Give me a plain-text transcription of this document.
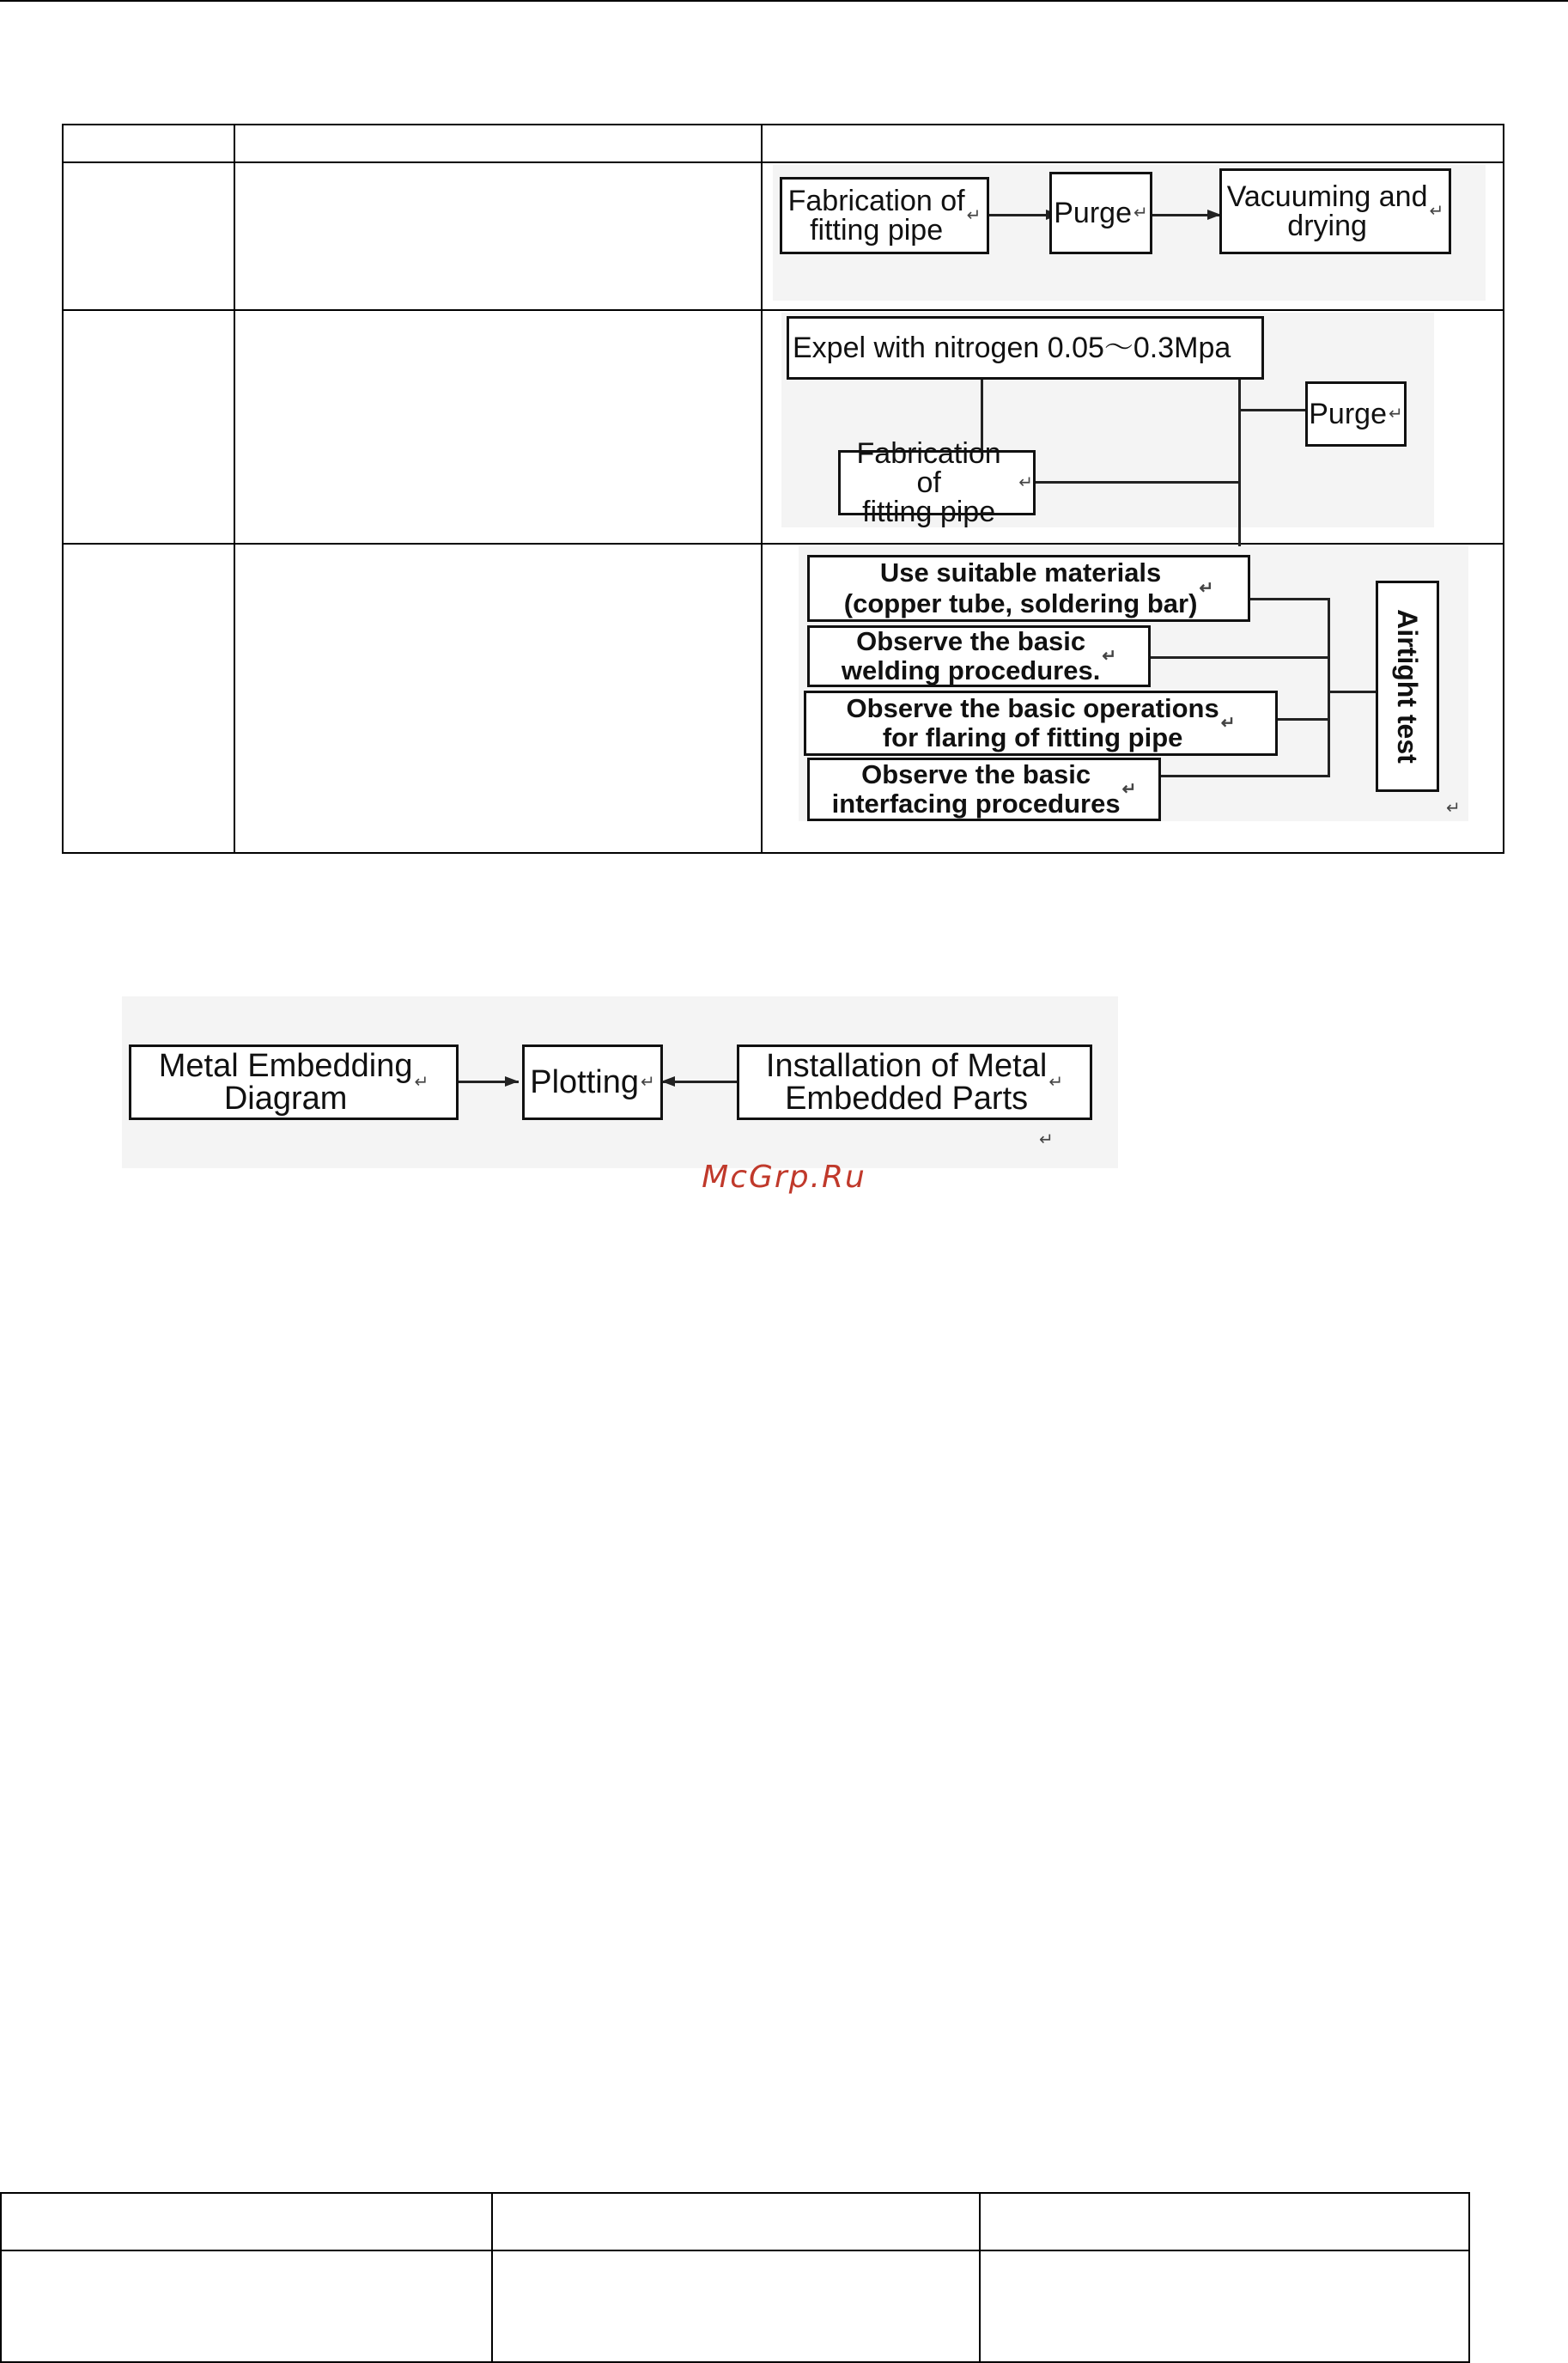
Fabrication of
fitting pipe	↵ Purge ↵	Vacuuming and
drying	↵
Expel with nitrogen 0.05～0.3Mpa
Purge ↵
Fabrication of
fitting pipe
↵
Use suitable materials
(copper tube, soldering bar) ↵
Observe the basic
welding procedures. ↵
Observe the basic operations
for flaring of fitting pipe	↵
Observe the basic
interfacing procedures ↵
Airtight test
↵
Metal Embedding
Diagram	↵	Plotting ↵	Installation of Metal
Embedded Parts	↵
↵
McGrp.Ru
